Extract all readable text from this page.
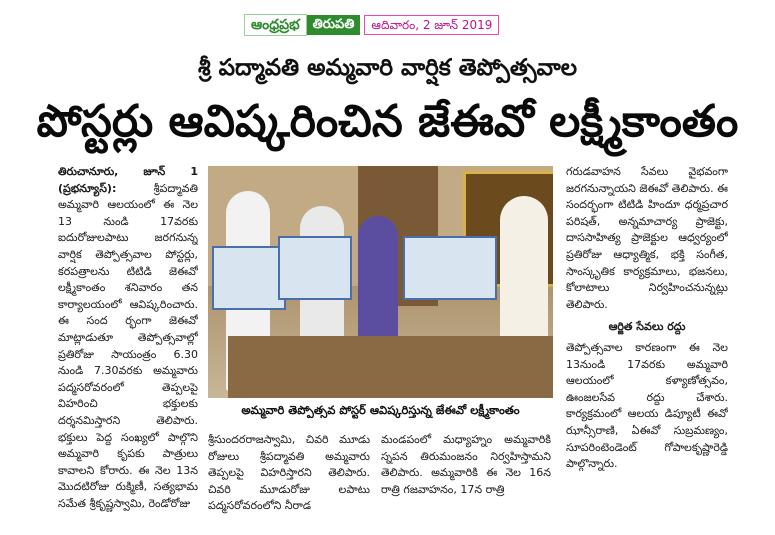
ఆంధ్రప్రభ	తిరుపతి	ఆదివారం, 2 జూన్ 2019
శ్రీ పద్మావతి అమ్మవారి వార్షిక తెప్పోత్సవాల
పోస్టర్లు ఆవిష్కరించిన జేఈవో లక్ష్మీకాంతం

తిరుచానూరు, జూన్ 1 (ప్రభన్యూస్):	శ్రీపద్మావతి అమ్మవారి ఆలయంలో ఈ నెల 13 నుండి 17వరకు ఐదురోజులపాటు జరగనున్న వార్షిక తెప్పోత్సవాల పోస్టర్లు, కరపత్రాలను టిటిడి జెఈవో లక్ష్మీకాంతం శనివారం తన కార్యాలయంలో ఆవిష్కరించారు. ఈ సంద ర్భంగా జెఈవో మాట్లాడుతూ తెప్పోత్సవాల్లో ప్రతిరోజు సాయంత్రం 6.30 నుండి 7.30వరకు అమ్మవారు పద్మసరోవరంలో తెప్పలపై విహరించి భక్తులకు దర్శనమిస్తారని తెలిపారు. భక్తులు పెద్ద సంఖ్యలో పాల్గొని అమ్మవారి కృపకు పాత్రులు కావాలని కోరారు. ఈ నెల 13న మొదటిరోజు రుక్మిణీ, సత్యభామ సమేత శ్రీకృష్ణస్వామి, రెండోరోజు

అమ్మవారి తెప్పోత్సవ పోస్టర్ ఆవిష్కరిస్తున్న జేఈవో లక్ష్మీకాంతం

శ్రీసుందరరాజస్వామి, చివరి మూడు రోజులు శ్రీపద్మావతి అమ్మవారు తెప్పలపై విహరిస్తారని తెలిపారు. చివరి మూడురోజు లపాటు పద్మసరోవరంలోని నీరాడ

మండపంలో మధ్యాహ్నం అమ్మవారికి స్నపన తిరుమంజనం నిర్వహిస్తామని తెలిపారు. అమ్మవారికి ఈ నెల 16న రాత్రి గజవాహనం, 17న రాత్రి

గరుడవాహన సేవలు వైభవంగా జరగనున్నాయని జెఈవో తెలిపారు. ఈ సందర్భంగా టిటిడి హిందూ ధర్మప్రచార పరిషత్, అన్నమాచార్య ప్రాజెక్టు, దాససాహిత్య ప్రాజెక్టుల ఆధ్వర్యంలో ప్రతిరోజు ఆధ్యాత్మిక, భక్తి సంగీత, సాంస్కృతిక కార్యక్రమాలు, భజనలు, కోలాటాలు నిర్వహించనున్నట్లు తెలిపారు.

ఆర్జిత సేవలు రద్దు

తెప్పోత్సవాల కారణంగా ఈ నెల 13నుండి 17వరకు అమ్మవారి ఆలయంలో కళ్యాణోత్సవం, ఊంజలసేవ రద్దు చేశారు. కార్యక్రమంలో ఆలయ డిప్యూటీ ఈవో ఝాన్సీరాణి, ఏఈవో సుబ్రమణ్యం, సూపరింటెండెంట్ గోపాలకృష్ణారెడ్డి పాల్గొన్నారు.
